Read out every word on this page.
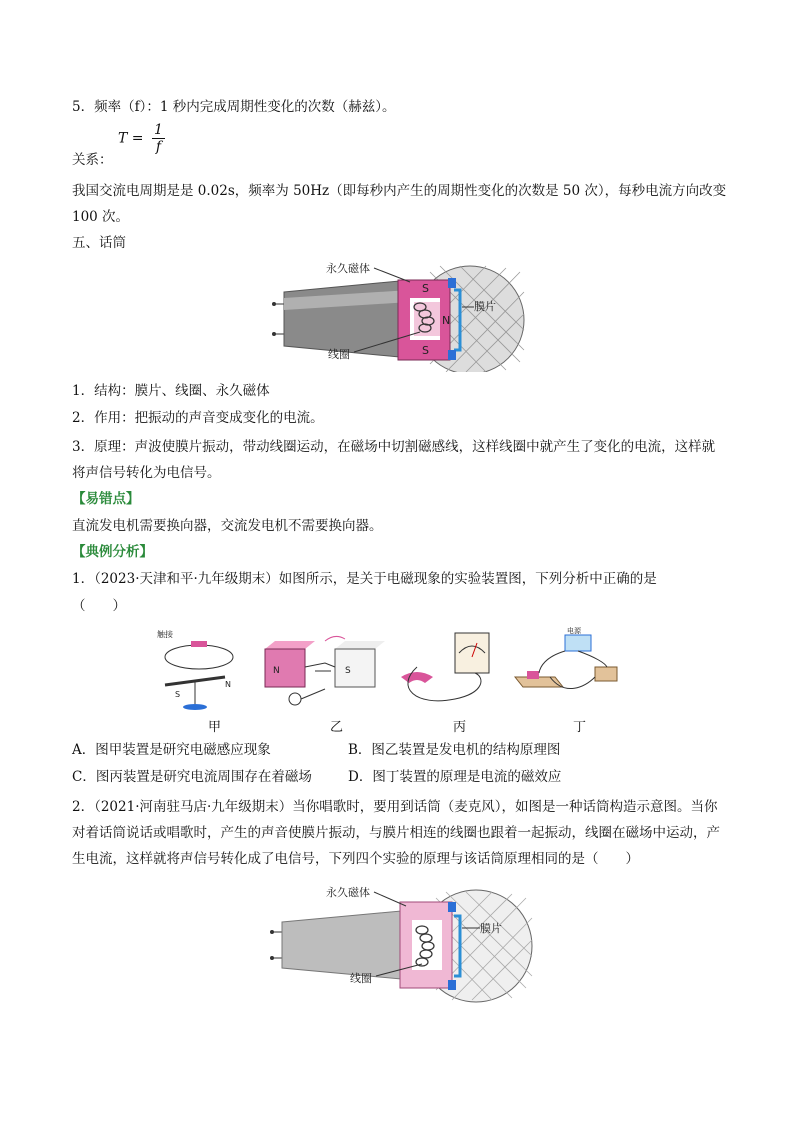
5．频率（f）：1 秒内完成周期性变化的次数（赫兹）。
$T = \frac{1}{f}$
关系：
我国交流电周期是是 0.02s，频率为 50Hz（即每秒内产生的周期性变化的次数是 50 次），每秒电流方向改变 100 次。
五、话筒
S
S
N
永久磁体
膜片
线圈
1．结构：膜片、线圈、永久磁体
2．作用：把振动的声音变成变化的电流。
3．原理：声波使膜片振动，带动线圈运动，在磁场中切割磁感线，这样线圈中就产生了变化的电流，这样就将声信号转化为电信号。
【易错点】
直流发电机需要换向器，交流发电机不需要换向器。
【典例分析】
1．（2023·天津和平·九年级期末）如图所示，是关于电磁现象的实验装置图，下列分析中正确的是
（　　）
触接
S
N
N	S
电源
甲	乙	丙	丁
A．图甲装置是研究电磁感应现象	B．图乙装置是发电机的结构原理图
C．图丙装置是研究电流周围存在着磁场	D．图丁装置的原理是电流的磁效应
2．（2021·河南驻马店·九年级期末）当你唱歌时，要用到话筒（麦克风），如图是一种话筒构造示意图。当你对着话筒说话或唱歌时，产生的声音使膜片振动，与膜片相连的线圈也跟着一起振动，线圈在磁场中运动，产生电流，这样就将声信号转化成了电信号，下列四个实验的原理与该话筒原理相同的是（　　）
永久磁体
膜片
线圈
